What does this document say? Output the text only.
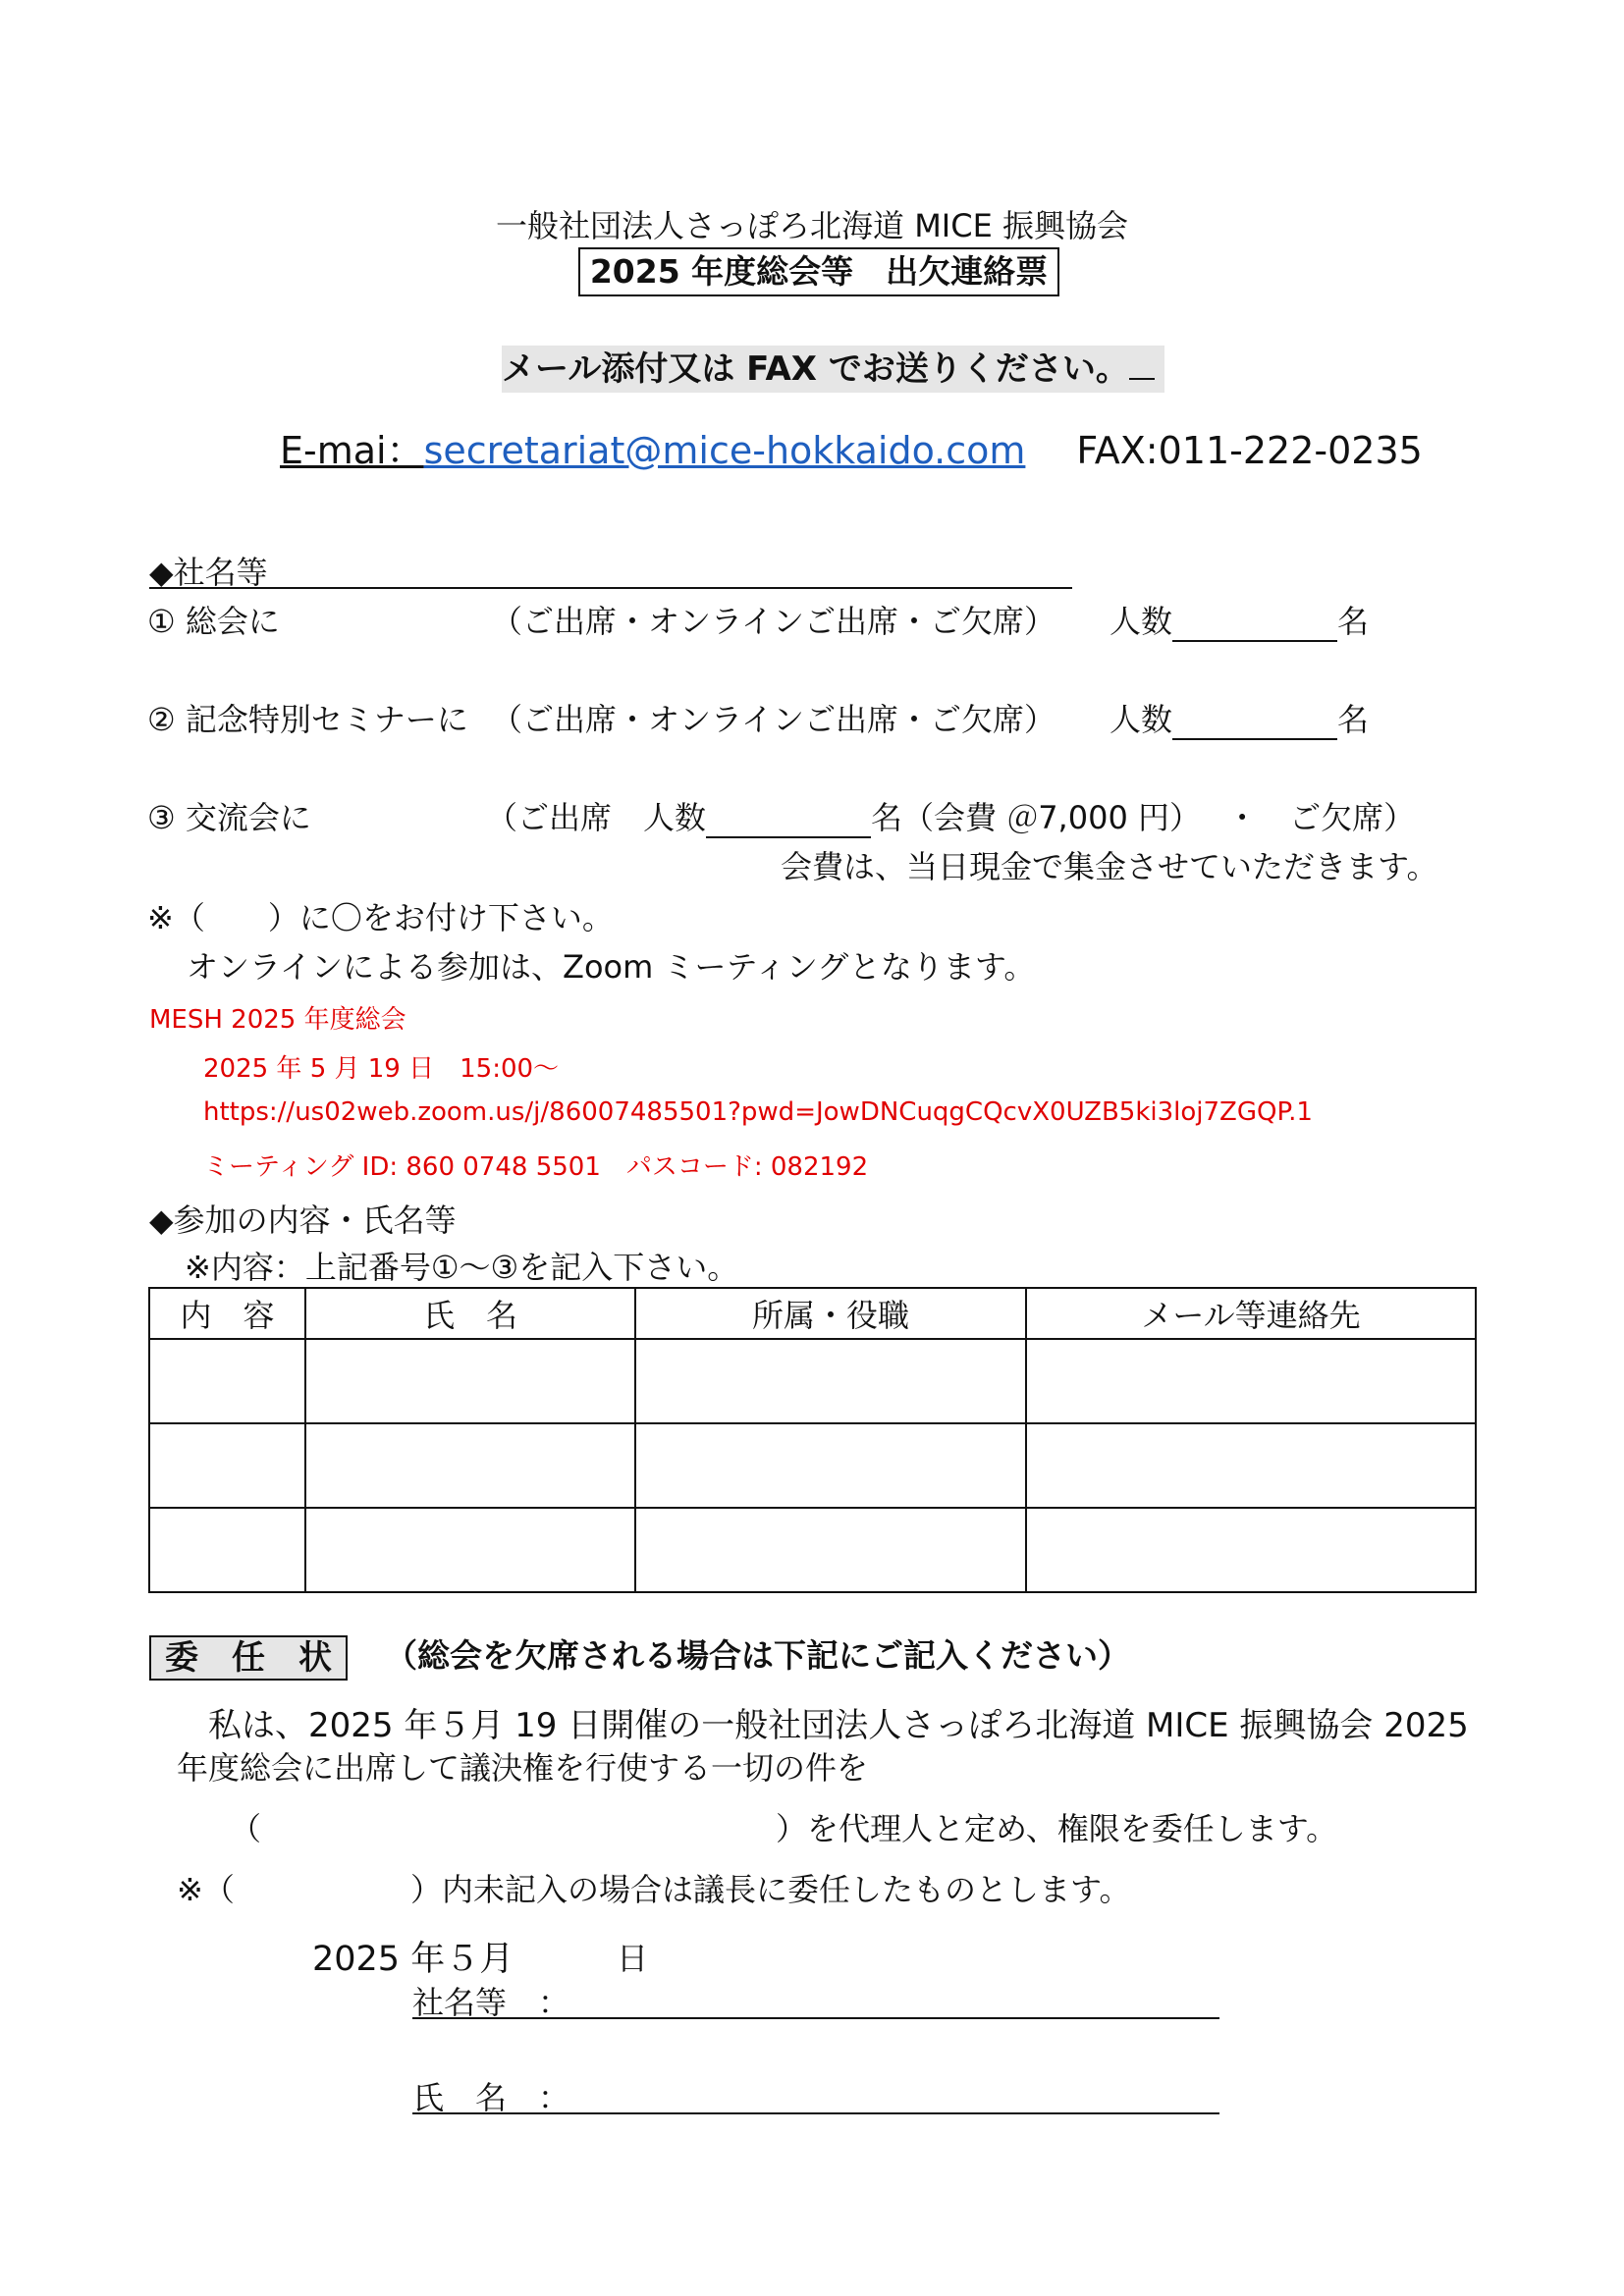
一般社団法人さっぽろ北海道 MICE 振興協会
2025 年度総会等　出欠連絡票
メール添付又は FAX でお送りください。
E-mai：secretariat@mice-hokkaido.com FAX:011-222-0235
◆社名等
① 総会に	（ご出席・オンラインご出席・ご欠席） 人数	名
② 記念特別セミナーに （ご出席・オンラインご出席・ご欠席） 人数	名
③ 交流会に	（ご出席　人数	名（会費 ＠7,000 円）　 ・　ご欠席）
会費は、当日現金で集金させていただきます。
※（　　）に〇をお付け下さい。
オンラインによる参加は、Zoom ミーティングとなります。
MESH 2025 年度総会
2025 年 5 月 19 日　15:00〜
https://us02web.zoom.us/j/86007485501?pwd=JowDNCuqgCQcvX0UZB5ki3loj7ZGQP.1
ミーティング ID: 860 0748 5501　パスコード: 082192
◆参加の内容・氏名等
※内容：上記番号①〜③を記入下さい。
内　容	氏　名	所属・役職	メール等連絡先

委　任　状	（総会を欠席される場合は下記にご記入ください）
私は、2025 年５月 19 日開催の一般社団法人さっぽろ北海道 MICE 振興協会 2025
年度総会に出席して議決権を行使する一切の件を
（	）を代理人と定め、権限を委任します。
※（	）内未記入の場合は議長に委任したものとします。
2025 年５月	日
社名等　：
氏　名　：
